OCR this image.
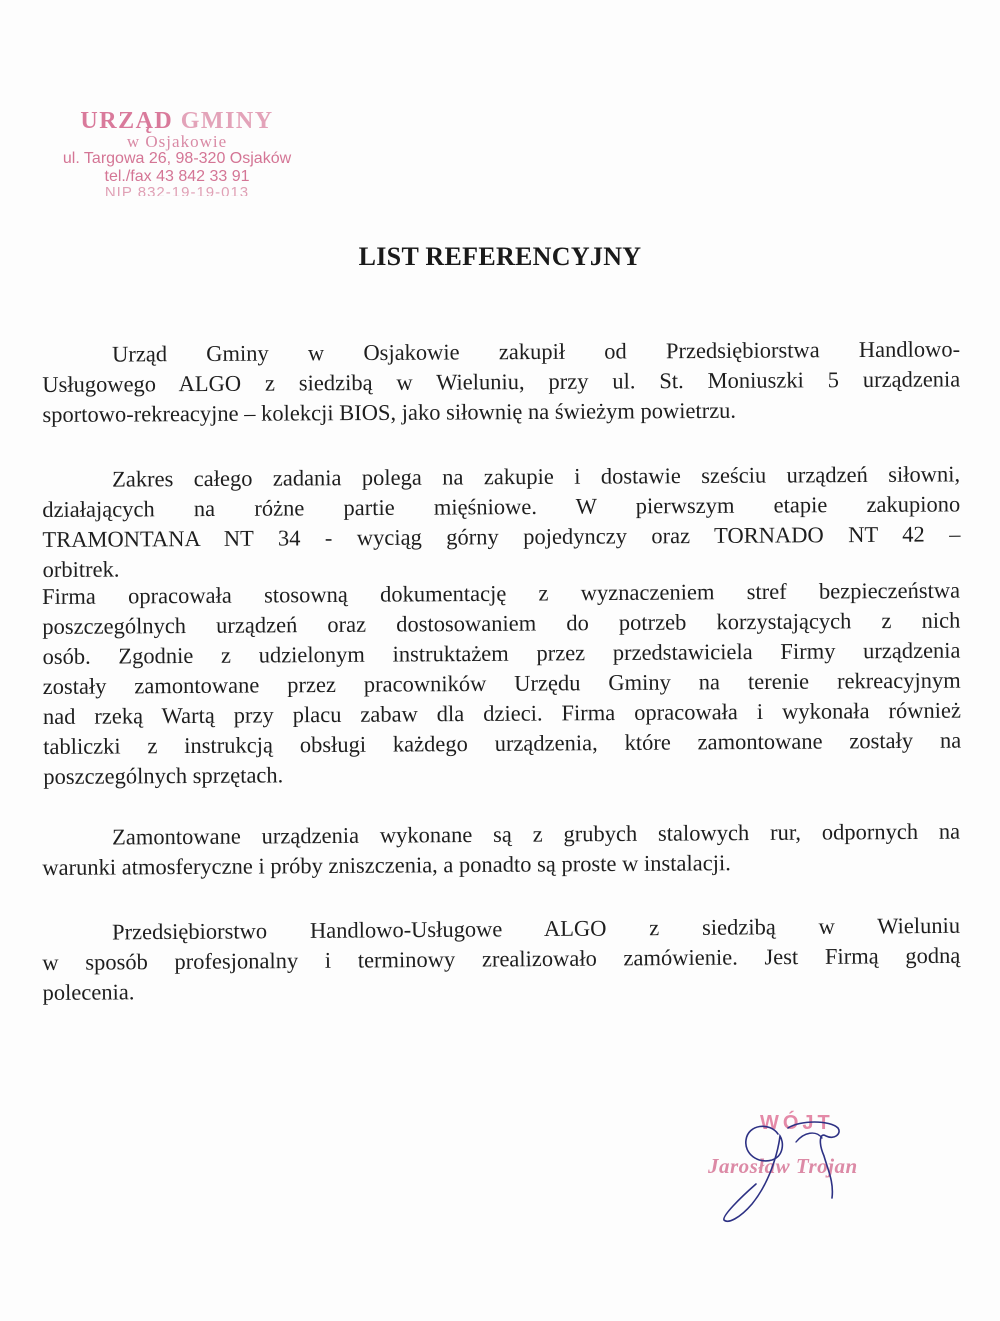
URZĄD GMINY
w Osjakowie
ul. Targowa 26, 98-320 Osjaków
tel./fax 43 842 33 91
NIP 832-19-19-013
LIST REFERENCYJNY
Urząd Gminy w Osjakowie zakupił od Przedsiębiorstwa Handlowo-
Usługowego ALGO z siedzibą w Wieluniu, przy ul. St. Moniuszki 5 urządzenia
sportowo-rekreacyjne – kolekcji BIOS, jako siłownię na świeżym powietrzu.
Zakres całego zadania polega na zakupie i dostawie sześciu urządzeń siłowni,
działających na różne partie mięśniowe. W pierwszym etapie zakupiono
TRAMONTANA NT 34 - wyciąg górny pojedynczy oraz TORNADO NT 42 –
orbitrek.
Firma opracowała stosowną dokumentację z wyznaczeniem stref bezpieczeństwa
poszczególnych urządzeń oraz dostosowaniem do potrzeb korzystających z nich
osób. Zgodnie z udzielonym instruktażem przez przedstawiciela Firmy urządzenia
zostały zamontowane przez pracowników Urzędu Gminy na terenie rekreacyjnym
nad rzeką Wartą przy placu zabaw dla dzieci. Firma opracowała i wykonała również
tabliczki z instrukcją obsługi każdego urządzenia, które zamontowane zostały na
poszczególnych sprzętach.
Zamontowane urządzenia wykonane są z grubych stalowych rur, odpornych na
warunki atmosferyczne i próby zniszczenia, a ponadto są proste w instalacji.
Przedsiębiorstwo Handlowo-Usługowe ALGO z siedzibą w Wieluniu
w sposób profesjonalny i terminowy zrealizowało zamówienie. Jest Firmą godną
polecenia.
WÓJT
Jarosław Trojan
